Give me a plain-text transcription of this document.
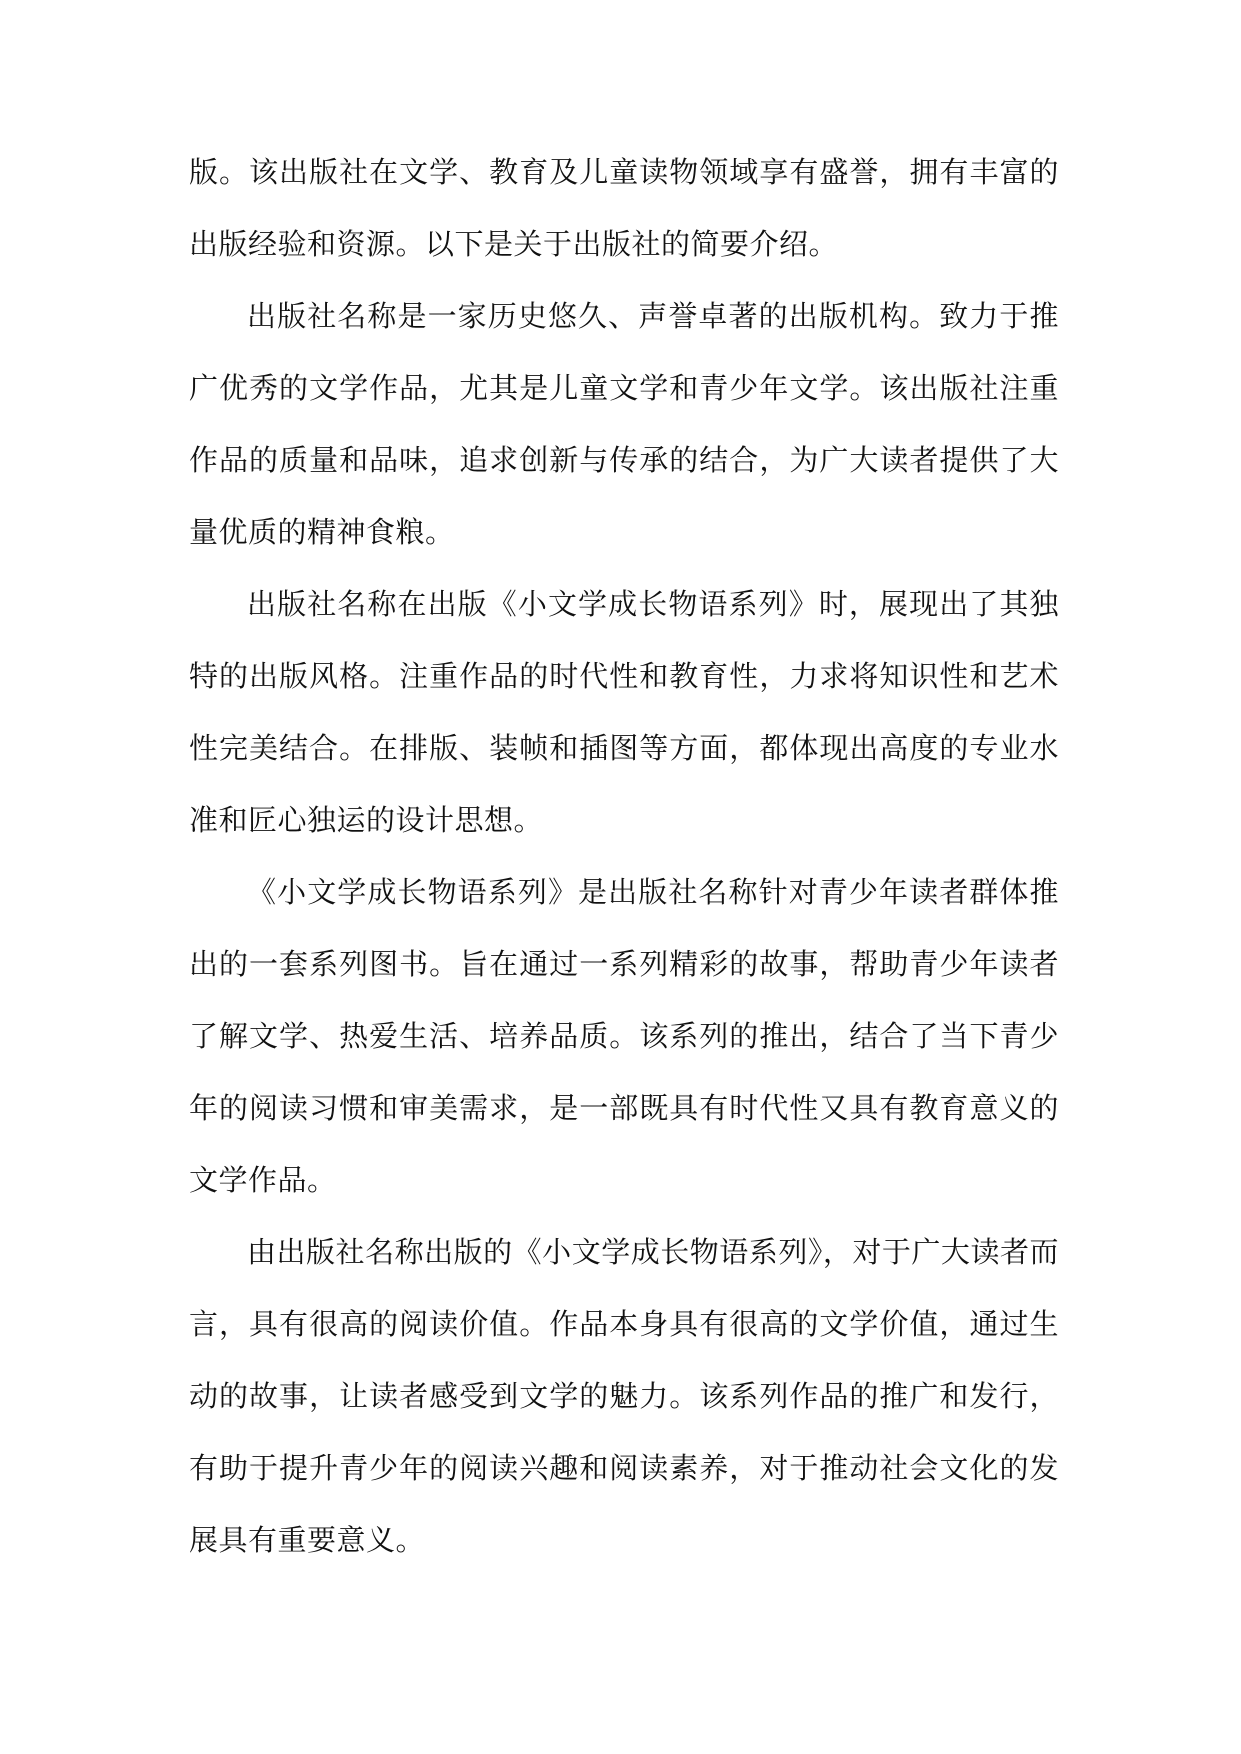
版。该出版社在文学、教育及儿童读物领域享有盛誉，拥有丰富的出版经验和资源。以下是关于出版社的简要介绍。

出版社名称是一家历史悠久、声誉卓著的出版机构。致力于推广优秀的文学作品，尤其是儿童文学和青少年文学。该出版社注重作品的质量和品味，追求创新与传承的结合，为广大读者提供了大量优质的精神食粮。

出版社名称在出版《小文学成长物语系列》时，展现出了其独特的出版风格。注重作品的时代性和教育性，力求将知识性和艺术性完美结合。在排版、装帧和插图等方面，都体现出高度的专业水准和匠心独运的设计思想。

《小文学成长物语系列》是出版社名称针对青少年读者群体推出的一套系列图书。旨在通过一系列精彩的故事，帮助青少年读者了解文学、热爱生活、培养品质。该系列的推出，结合了当下青少年的阅读习惯和审美需求，是一部既具有时代性又具有教育意义的文学作品。

由出版社名称出版的《小文学成长物语系列》，对于广大读者而言，具有很高的阅读价值。作品本身具有很高的文学价值，通过生动的故事，让读者感受到文学的魅力。该系列作品的推广和发行，有助于提升青少年的阅读兴趣和阅读素养，对于推动社会文化的发展具有重要意义。
